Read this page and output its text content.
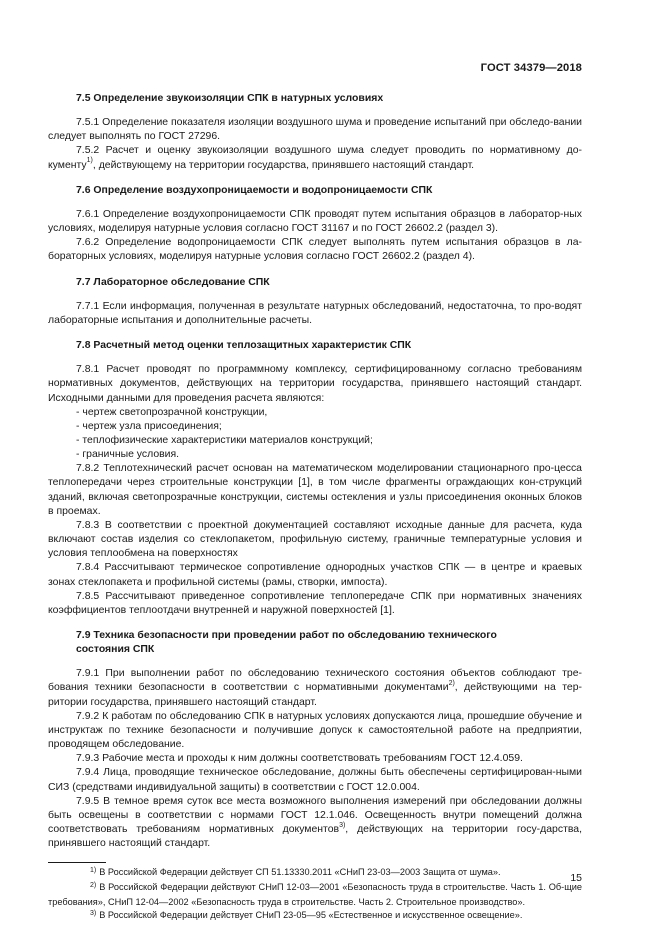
ГОСТ 34379—2018

7.5 Определение звукоизоляции СПК в натурных условиях

7.5.1 Определение показателя изоляции воздушного шума и проведение испытаний при обследо-вании следует выполнять по ГОСТ 27296.

7.5.2 Расчет и оценку звукоизоляции воздушного шума следует проводить по нормативному до-кументу$^{1)}$, действующему на территории государства, принявшего настоящий стандарт.

7.6 Определение воздухопроницаемости и водопроницаемости СПК

7.6.1 Определение воздухопроницаемости СПК проводят путем испытания образцов в лаборатор-ных условиях, моделируя натурные условия согласно ГОСТ 31167 и по ГОСТ 26602.2 (раздел 3).

7.6.2 Определение водопроницаемости СПК следует выполнять путем испытания образцов в ла-бораторных условиях, моделируя натурные условия согласно ГОСТ 26602.2 (раздел 4).

7.7 Лабораторное обследование СПК

7.7.1 Если информация, полученная в результате натурных обследований, недостаточна, то про-водят лабораторные испытания и дополнительные расчеты.

7.8 Расчетный метод оценки теплозащитных характеристик СПК

7.8.1 Расчет проводят по программному комплексу, сертифицированному согласно требованиям нормативных документов, действующих на территории государства, принявшего настоящий стандарт. Исходными данными для проведения расчета являются:

- чертеж светопрозрачной конструкции,

- чертеж узла присоединения;

- теплофизические характеристики материалов конструкций;

- граничные условия.

7.8.2 Теплотехнический расчет основан на математическом моделировании стационарного про-цесса теплопередачи через строительные конструкции [1], в том числе фрагменты ограждающих кон-струкций зданий, включая светопрозрачные конструкции, системы остекления и узлы присоединения оконных блоков в проемах.

7.8.3 В соответствии с проектной документацией составляют исходные данные для расчета, куда включают состав изделия со стеклопакетом, профильную систему, граничные температурные условия и условия теплообмена на поверхностях

7.8.4 Рассчитывают термическое сопротивление однородных участков СПК — в центре и краевых зонах стеклопакета и профильной системы (рамы, створки, импоста).

7.8.5 Рассчитывают приведенное сопротивление теплопередаче СПК при нормативных значениях коэффициентов теплоотдачи внутренней и наружной поверхностей [1].

7.9 Техника безопасности при проведении работ по обследованию технического
состояния СПК

7.9.1 При выполнении работ по обследованию технического состояния объектов соблюдают тре-бования техники безопасности в соответствии с нормативными документами$^{2)}$, действующими на тер-ритории государства, принявшего настоящий стандарт.

7.9.2 К работам по обследованию СПК в натурных условиях допускаются лица, прошедшие обучение и инструктаж по технике безопасности и получившие допуск к самостоятельной работе на предприятии, проводящем обследование.

7.9.3 Рабочие места и проходы к ним должны соответствовать требованиям ГОСТ 12.4.059.

7.9.4 Лица, проводящие техническое обследование, должны быть обеспечены сертифицирован-ными СИЗ (средствами индивидуальной защиты) в соответствии с ГОСТ 12.0.004.

7.9.5 В темное время суток все места возможного выполнения измерений при обследовании должны быть освещены в соответствии с нормами ГОСТ 12.1.046. Освещенность внутри помещений должна соответствовать требованиям нормативных документов$^{3)}$, действующих на территории госу-дарства, принявшего настоящий стандарт.

$^{1)}$ В Российской Федерации действует СП 51.13330.2011 «СНиП 23-03—2003 Защита от шума».

$^{2)}$ В Российской Федерации действуют СНиП 12-03—2001 «Безопасность труда в строительстве. Часть 1. Об-щие требования», СНиП 12-04—2002 «Безопасность труда в строительстве. Часть 2. Строительное производство».

$^{3)}$ В Российской Федерации действует СНиП 23-05—95 «Естественное и искусственное освещение».

15
